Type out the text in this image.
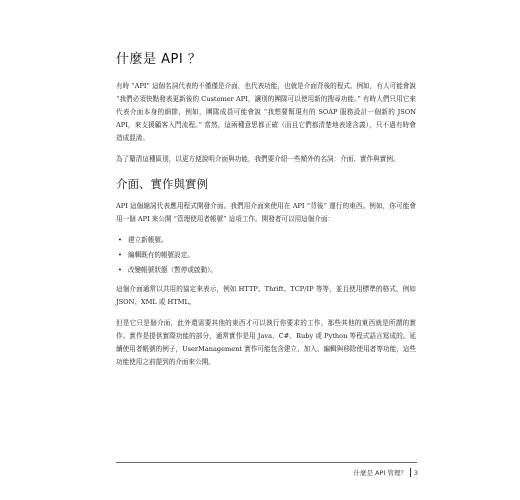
什麼是 API ？

有時 “API” 這個名詞代表的不僅僅是介面，也代表功能，也就是介面背後的程式。例如，有人可能會說 “我們必須快點發表更新後的 Customer API，讓別的團隊可以使用新的搜尋功能。” 有時人們只用它來代表介面本身的細節，例如，團隊成員可能會說 “我想要幫現有的 SOAP 服務設計一個新的 JSON API，來支援顧客入門流程。” 當然，這兩種意思都正確（而且它們都清楚地表達含義），只不過有時會造成混淆。

為了釐清這種區別，以更方便說明介面與功能，我們要介紹一些額外的名詞：介面、實作與實例。

介面、實作與實例

API 這個縮詞代表應用程式開發介面。我們用介面來使用在 API “背後” 運行的東西。例如，你可能會用一個 API 來公開 “管理使用者帳號” 這項工作。開發者可以用這個介面：

• 建立新帳號。
• 編輯既有的帳號設定。
• 改變帳號狀態（暫停或啟動）。

這個介面通常以共用的協定來表示，例如 HTTP、Thrift、TCP/IP 等等，並且使用標準的格式，例如 JSON、XML 或 HTML。

但是它只是個介面，此外還需要其他的東西才可以執行你要求的工作，那些其他的東西就是所謂的實作。實作是提供實際功能的部分，通常實作是用 Java、C#、Ruby 或 Python 等程式語言寫成的。延續使用者帳號的例子，UserManagement 實作可能包含建立、加入、編輯與移除使用者等功能，這些功能使用之前提到的介面來公開。

什麼是 API 管理？ 3
